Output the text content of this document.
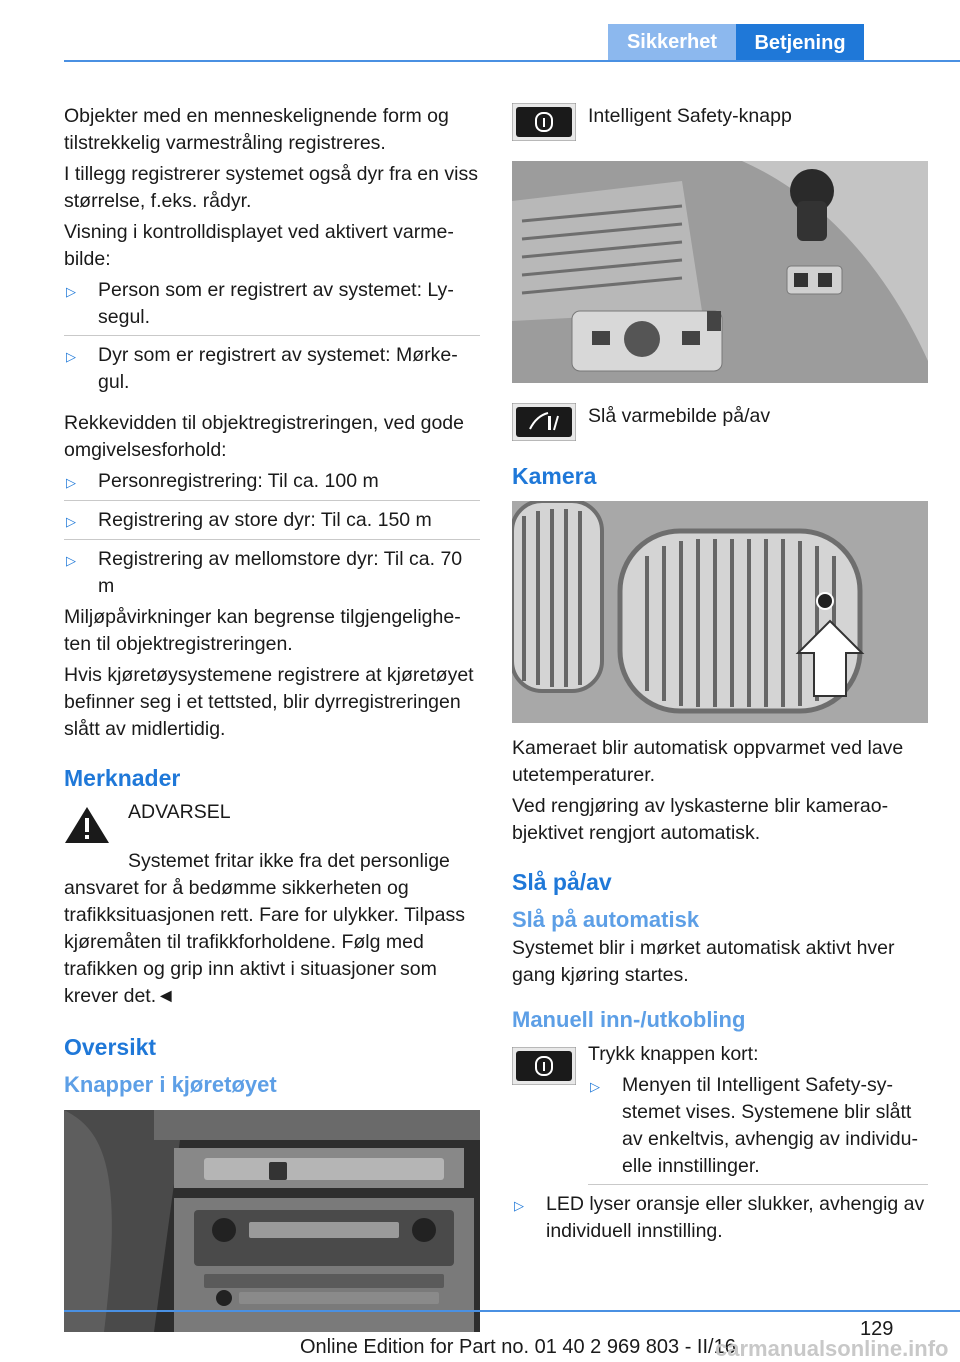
Sikkerhet	Betjening

Objekter med en menneskelignende form og tilstrekkelig varmestråling registreres.

I tillegg registrerer systemet også dyr fra en viss størrelse, f.eks. rådyr.

Visning i kontrolldisplayet ved aktivert varmebilde:

▷	Person som er registrert av systemet: Lysegul.
▷	Dyr som er registrert av systemet: Mørkegul.

Rekkevidden til objektregistreringen, ved gode omgivelsesforhold:

▷	Personregistrering: Til ca. 100 m
▷	Registrering av store dyr: Til ca. 150 m
▷	Registrering av mellomstore dyr: Til ca. 70 m

Miljøpåvirkninger kan begrense tilgjengeligheten til objektregistreringen.

Hvis kjøretøysystemene registrere at kjøretøyet befinner seg i et tettsted, blir dyrregistreringen slått av midlertidig.

Merknader
ADVARSEL

Systemet fritar ikke fra det personlige ansvaret for å bedømme sikkerheten og trafikksituasjonen rett. Fare for ulykker. Tilpass kjøremåten til trafikkforholdene. Følg med trafikken og grip inn aktivt i situasjoner som krever det.◄

Oversikt
Knapper i kjøretøyet
Intelligent Safety-knapp
Slå varmebilde på/av
Kamera

Kameraet blir automatisk oppvarmet ved lave utetemperaturer.

Ved rengjøring av lyskasterne blir kameraobjektivet rengjort automatisk.

Slå på/av
Slå på automatisk

Systemet blir i mørket automatisk aktivt hver gang kjøring startes.

Manuell inn-/utkobling

Trykk knappen kort:

▷	Menyen til Intelligent Safety-systemet vises. Systemene blir slått av enkeltvis, avhengig av individuelle innstillinger.
▷	LED lyser oransje eller slukker, avhengig av individuell innstilling.
129
Online Edition for Part no. 01 40 2 969 803 - II/16
carmanualsonline.info
